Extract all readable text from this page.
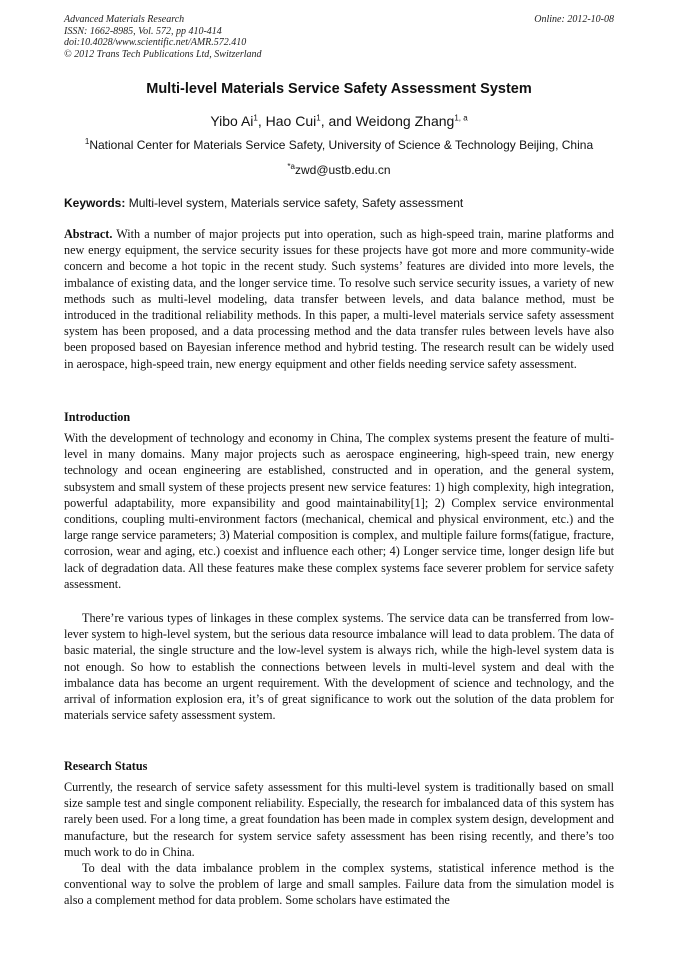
Advanced Materials Research
ISSN: 1662-8985, Vol. 572, pp 410-414
doi:10.4028/www.scientific.net/AMR.572.410
© 2012 Trans Tech Publications Ltd, Switzerland
Online: 2012-10-08
Multi-level Materials Service Safety Assessment System
Yibo Ai$^1$, Hao Cui$^1$, and Weidong Zhang$^{1, a}$
$^1$National Center for Materials Service Safety, University of Science & Technology Beijing, China
$^{*a}$zwd@ustb.edu.cn
Keywords: Multi-level system, Materials service safety, Safety assessment

Abstract. With a number of major projects put into operation, such as high-speed train, marine platforms and new energy equipment, the service security issues for these projects have got more and more community-wide concern and become a hot topic in the recent study. Such systems’ features are divided into more levels, the imbalance of existing data, and the longer service time. To resolve such service security issues, a variety of new methods such as multi-level modeling, data transfer between levels, and data balance method, must be introduced in the traditional reliability methods. In this paper, a multi-level materials service safety assessment system has been proposed, and a data processing method and the data transfer rules between levels have also been proposed based on Bayesian inference method and hybrid testing. The research result can be widely used in aerospace, high-speed train, new energy equipment and other fields needing service safety assessment.

Introduction

With the development of technology and economy in China, The complex systems present the feature of multi-level in many domains. Many major projects such as aerospace engineering, high-speed train, new energy technology and ocean engineering are established, constructed and in operation, and the general system, subsystem and small system of these projects present new service features: 1) high complexity, high integration, powerful adaptability, more expansibility and good maintainability[1]; 2) Complex service environmental conditions, coupling multi-environment factors (mechanical, chemical and physical environment, etc.) and the large range service parameters; 3) Material composition is complex, and multiple failure forms(fatigue, fracture, corrosion, wear and aging, etc.) coexist and influence each other; 4) Longer service time, longer design life but lack of degradation data. All these features make these complex systems face severer problem for service safety assessment.

There’re various types of linkages in these complex systems. The service data can be transferred from low-lever system to high-level system, but the serious data resource imbalance will lead to data problem. The data of basic material, the single structure and the low-level system is always rich, while the high-level system data is not enough. So how to establish the connections between levels in multi-level system and deal with the imbalance data has become an urgent requirement. With the development of science and technology, and the arrival of information explosion era, it’s of great significance to work out the solution of the data problem for materials service safety assessment system.

Research Status

Currently, the research of service safety assessment for this multi-level system is traditionally based on small size sample test and single component reliability. Especially, the research for imbalanced data of this system has rarely been used. For a long time, a great foundation has been made in complex system design, development and manufacture, but the research for system service safety assessment has been rising recently, and there’s too much work to do in China.

To deal with the data imbalance problem in the complex systems, statistical inference method is the conventional way to solve the problem of large and small samples. Failure data from the simulation model is also a complement method for data problem. Some scholars have estimated the
